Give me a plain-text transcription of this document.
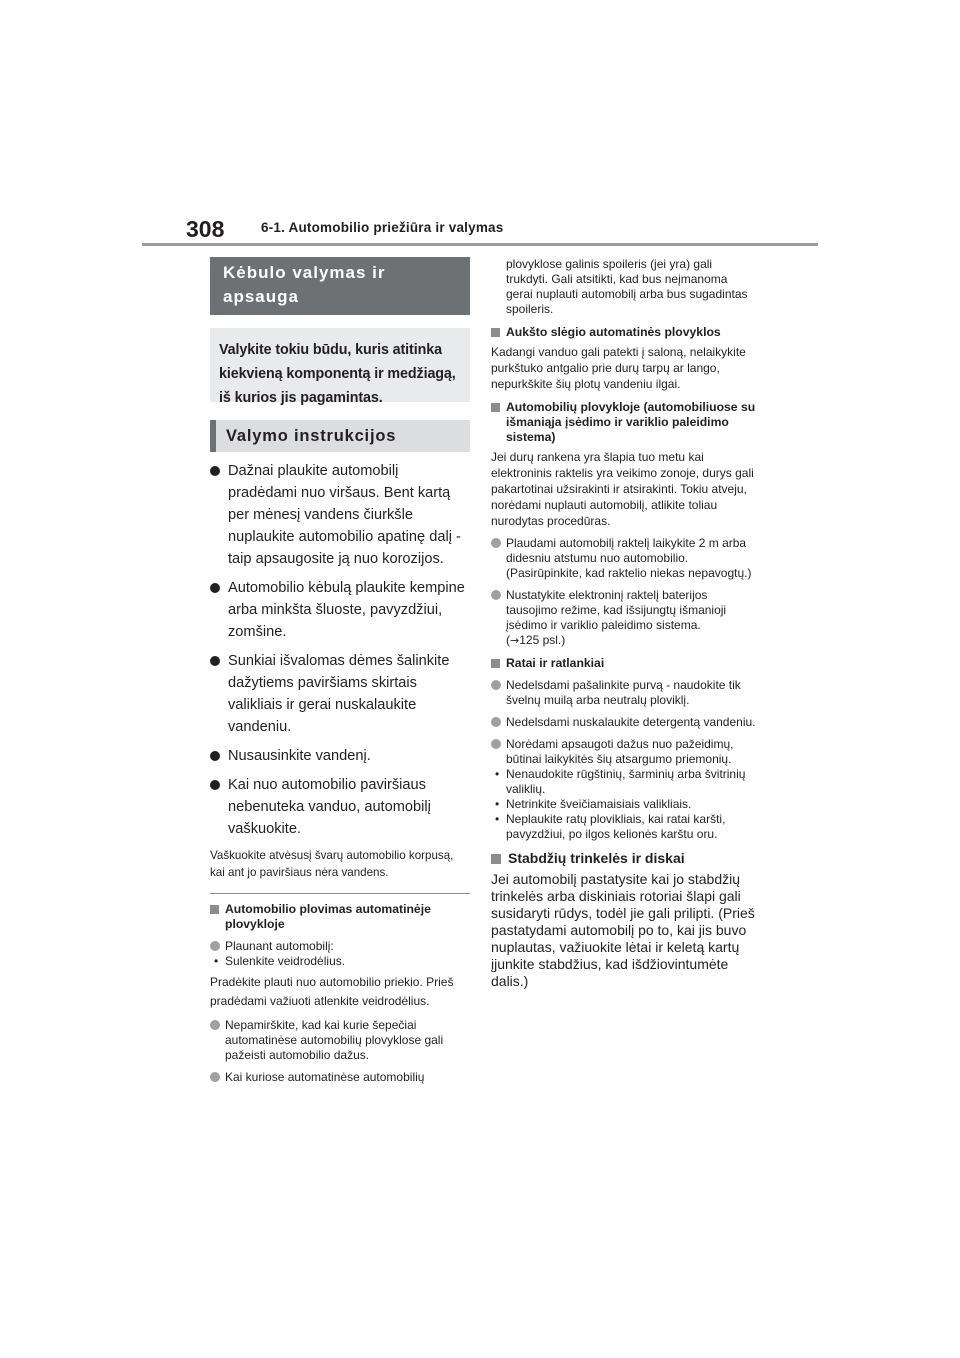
308	6-1. Automobilio priežiūra ir valymas
Kėbulo valymas ir apsauga
Valykite tokiu būdu, kuris atitinka kiekvieną komponentą ir medžiagą, iš kurios jis pagamintas.
Valymo instrukcijos
Dažnai plaukite automobilį pradėdami nuo viršaus. Bent kartą per mėnesį vandens čiurkšle nuplaukite automobilio apatinę dalį - taip apsaugosite ją nuo korozijos.
Automobilio kėbulą plaukite kempine arba minkšta šluoste, pavyzdžiui, zomšine.
Sunkiai išvalomas dėmes šalinkite dažytiems paviršiams skirtais valikliais ir gerai nuskalaukite vandeniu.
Nusausinkite vandenį.
Kai nuo automobilio paviršiaus nebenuteka vanduo, automobilį vaškuokite.
Vaškuokite atvėsusį švarų automobilio korpusą, kai ant jo paviršiaus nėra vandens.
Automobilio plovimas automatinėje plovykloje
Plaunant automobilį:
• Sulenkite veidrodėlius.
Pradėkite plauti nuo automobilio priekio. Prieš pradėdami važiuoti atlenkite veidrodėlius.
Nepamirškite, kad kai kurie šepečiai automatinėse automobilių plovyklose gali pažeisti automobilio dažus.
Kai kuriose automatinėse automobilių
plovyklose galinis spoileris (jei yra) gali trukdyti. Gali atsitikti, kad bus neįmanoma gerai nuplauti automobilį arba bus sugadintas spoileris.
Aukšto slėgio automatinės plovyklos
Kadangi vanduo gali patekti į saloną, nelaikykite purkštuko antgalio prie durų tarpų ar lango, nepurkškite šių plotų vandeniu ilgai.
Automobilių plovykloje (automobiliuose su išmaniąja įsėdimo ir variklio paleidimo sistema)
Jei durų rankena yra šlapia tuo metu kai elektroninis raktelis yra veikimo zonoje, durys gali pakartotinai užsirakinti ir atsirakinti. Tokiu atveju, norėdami nuplauti automobilį, atlikite toliau nurodytas procedūras.
Plaudami automobilį raktelį laikykite 2 m arba didesniu atstumu nuo automobilio. (Pasirūpinkite, kad raktelio niekas nepavogtų.)
Nustatykite elektroninį raktelį baterijos tausojimo režime, kad išsijungtų išmanioji įsėdimo ir variklio paleidimo sistema.
(→125 psl.)
Ratai ir ratlankiai
Nedelsdami pašalinkite purvą - naudokite tik švelnų muilą arba neutralų ploviklį.
Nedelsdami nuskalaukite detergentą vandeniu.
Norėdami apsaugoti dažus nuo pažeidimų, būtinai laikykitės šių atsargumo priemonių.
• Nenaudokite rūgštinių, šarminių arba švitrinių valiklių.
• Netrinkite šveičiamaisiais valikliais.
• Neplaukite ratų plovikliais, kai ratai karšti, pavyzdžiui, po ilgos kelionės karštu oru.
Stabdžių trinkelės ir diskai
Jei automobilį pastatysite kai jo stabdžių trinkelės arba diskiniais rotoriai šlapi gali susidaryti rūdys, todėl jie gali prilipti. (Prieš pastatydami automobilį po to, kai jis buvo nuplautas, važiuokite lėtai ir keletą kartų įjunkite stabdžius, kad išdžiovintumėte dalis.)
